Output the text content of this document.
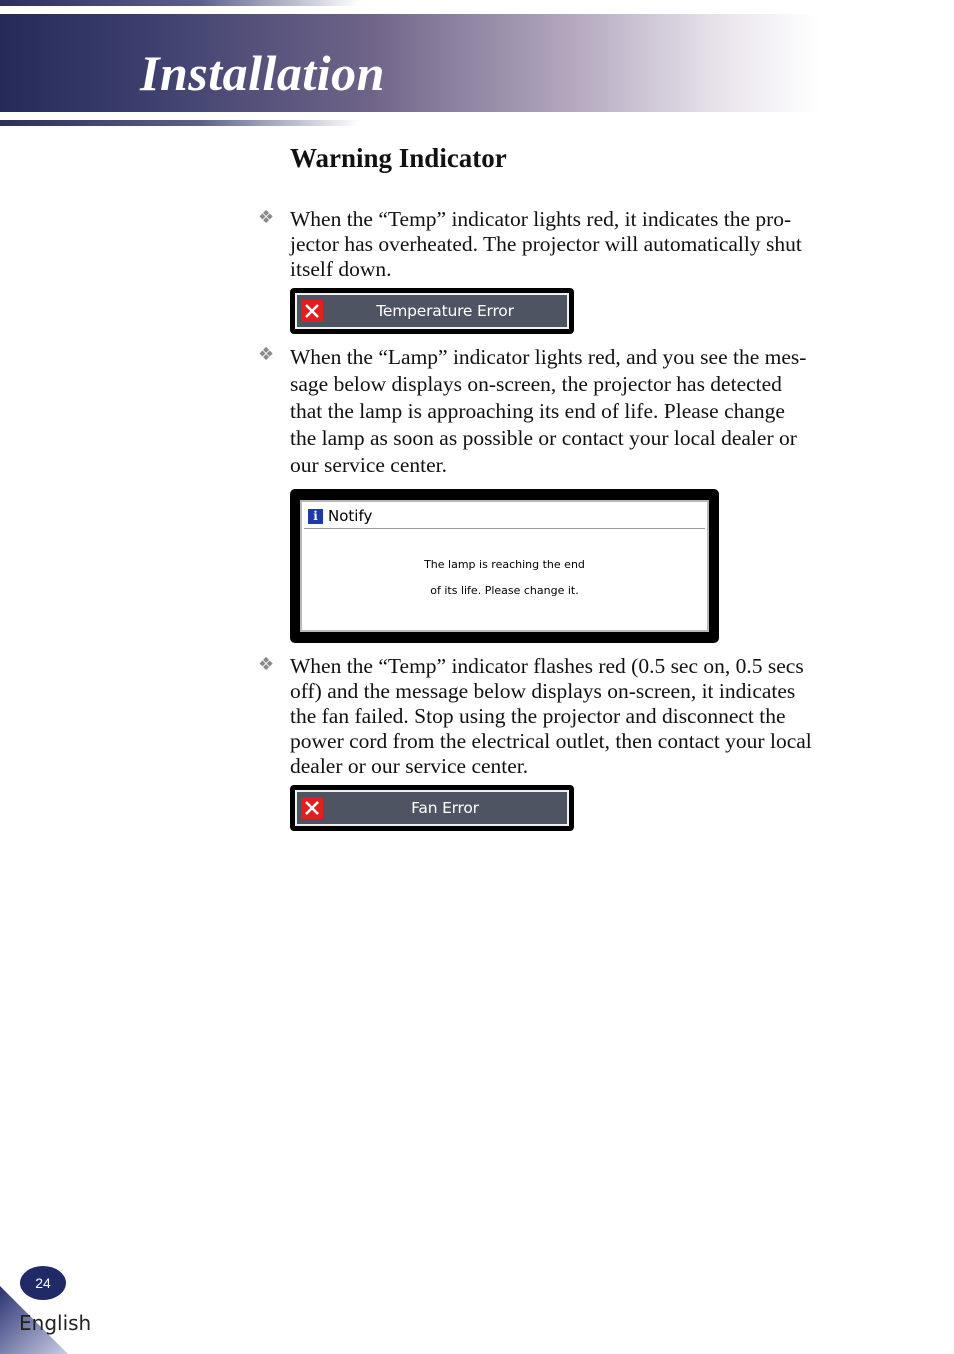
Installation
Warning Indicator
❖ When the “Temp” indicator lights red, it indicates the pro-
jector has overheated. The projector will automatically shut
itself down.

Temperature Error
❖ When the “Lamp” indicator lights red, and you see the mes-
sage below displays on-screen, the projector has detected
that the lamp is approaching its end of life. Please change
the lamp as soon as possible or contact your local dealer or
our service center.

i Notify
The lamp is reaching the end
of its life. Please change it.
❖ When the “Temp” indicator flashes red (0.5 sec on, 0.5 secs
off) and the message below displays on-screen, it indicates
the fan failed. Stop using the projector and disconnect the
power cord from the electrical outlet, then contact your local
dealer or our service center.

Fan Error
24
English
